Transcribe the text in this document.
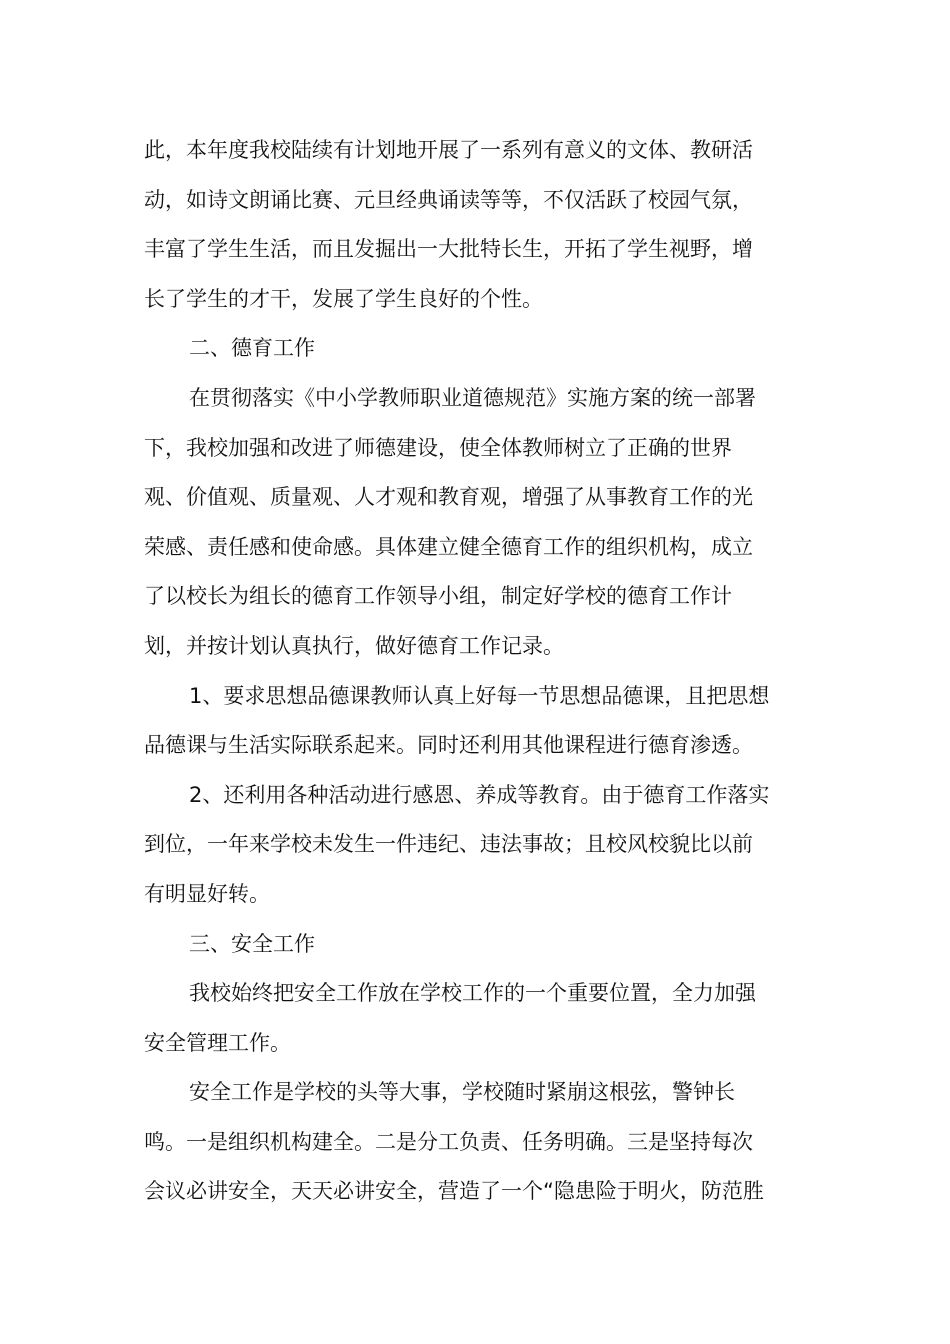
此，本年度我校陆续有计划地开展了一系列有意义的文体、教研活
动，如诗文朗诵比赛、元旦经典诵读等等，不仅活跃了校园气氛，
丰富了学生生活，而且发掘出一大批特长生，开拓了学生视野，增
长了学生的才干，发展了学生良好的个性。
二、德育工作
在贯彻落实《中小学教师职业道德规范》实施方案的统一部署
下，我校加强和改进了师德建设，使全体教师树立了正确的世界
观、价值观、质量观、人才观和教育观，增强了从事教育工作的光
荣感、责任感和使命感。具体建立健全德育工作的组织机构，成立
了以校长为组长的德育工作领导小组，制定好学校的德育工作计
划，并按计划认真执行，做好德育工作记录。
1、要求思想品德课教师认真上好每一节思想品德课，且把思想
品德课与生活实际联系起来。同时还利用其他课程进行德育渗透。
2、还利用各种活动进行感恩、养成等教育。由于德育工作落实
到位，一年来学校未发生一件违纪、违法事故；且校风校貌比以前
有明显好转。
三、安全工作
我校始终把安全工作放在学校工作的一个重要位置，全力加强
安全管理工作。
安全工作是学校的头等大事，学校随时紧崩这根弦，警钟长
鸣。一是组织机构建全。二是分工负责、任务明确。三是坚持每次
会议必讲安全，天天必讲安全，营造了一个“隐患险于明火，防范胜
